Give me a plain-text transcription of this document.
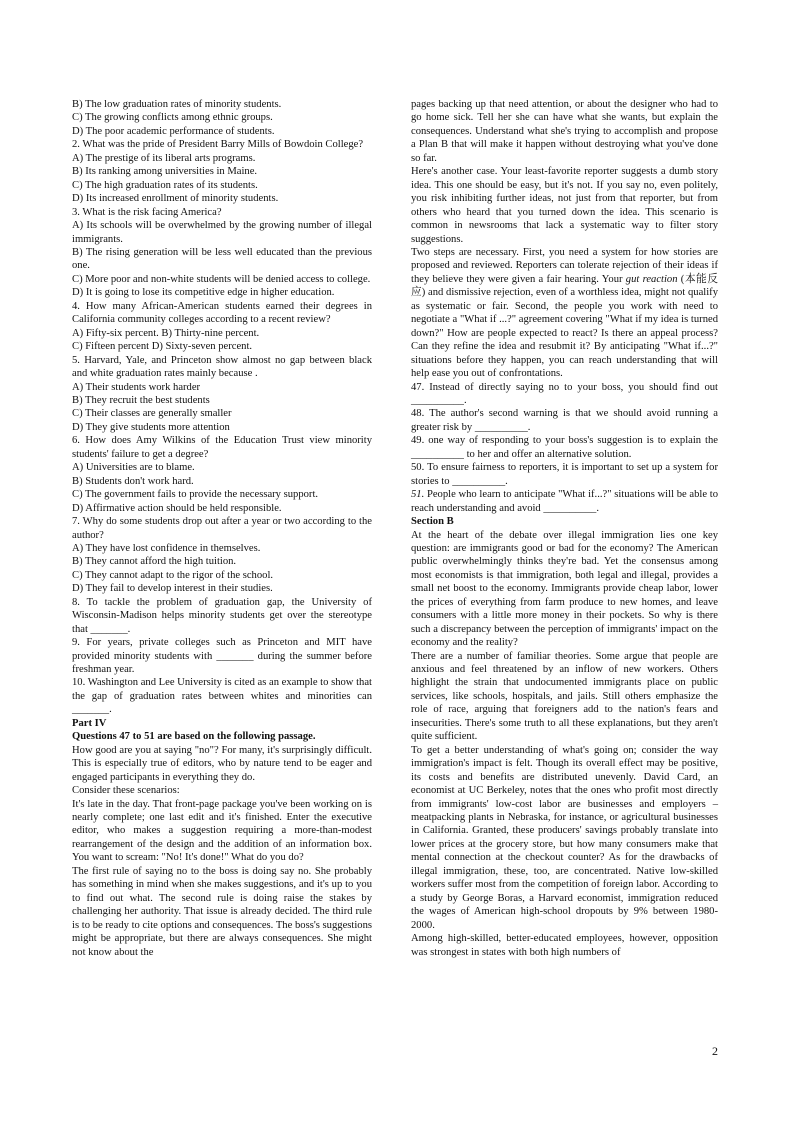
B) The low graduation rates of minority students.

C) The growing conflicts among ethnic groups.

D) The poor academic performance of students.

2. What was the pride of President Barry Mills of Bowdoin College?

A) The prestige of its liberal arts programs.

B) Its ranking among universities in Maine.

C) The high graduation rates of its students.

D) Its increased enrollment of minority students.

3. What is the risk facing America?

A) Its schools will be overwhelmed by the growing number of illegal immigrants.

B) The rising generation will be less well educated than the previous one.

C) More poor and non-white students will be denied access to college.

D) It is going to lose its competitive edge in higher education.

4. How many African-American students earned their degrees in California community colleges according to a recent review?

A) Fifty-six percent. B) Thirty-nine percent.

C) Fifteen percent D) Sixty-seven percent.

5. Harvard, Yale, and Princeton show almost no gap between black and white graduation rates mainly because .

A) Their students work harder

B) They recruit the best students

C) Their classes are generally smaller

D) They give students more attention

6. How does Amy Wilkins of the Education Trust view minority students' failure to get a degree?

A) Universities are to blame.

B) Students don't work hard.

C) The government fails to provide the necessary support.

D) Affirmative action should be held responsible.

7. Why do some students drop out after a year or two according to the author?

A) They have lost confidence in themselves.

B) They cannot afford the high tuition.

C) They cannot adapt to the rigor of the school.

D) They fail to develop interest in their studies.

8. To tackle the problem of graduation gap, the University of Wisconsin-Madison helps minority students get over the stereotype that _______.

9. For years, private colleges such as Princeton and MIT have provided minority students with _______ during the summer before freshman year.

10. Washington and Lee University is cited as an example to show that the gap of graduation rates between whites and minorities can _______.

Part IV

Questions 47 to 51 are based on the following passage.

How good are you at saying "no"? For many, it's surprisingly difficult. This is especially true of editors, who by nature tend to be eager and engaged participants in everything they do.

Consider these scenarios:

It's late in the day. That front-page package you've been working on is nearly complete; one last edit and it's finished. Enter the executive editor, who makes a suggestion requiring a more-than-modest rearrangement of the design and the addition of an information box. You want to scream: "No! It's done!" What do you do?

The first rule of saying no to the boss is doing say no. She probably has something in mind when she makes suggestions, and it's up to you to find out what. The second rule is doing raise the stakes by challenging her authority. That issue is already decided. The third rule is to be ready to cite options and consequences. The boss's suggestions might be appropriate, but there are always consequences. She might not know about the

pages backing up that need attention, or about the designer who had to go home sick. Tell her she can have what she wants, but explain the consequences. Understand what she's trying to accomplish and propose a Plan B that will make it happen without destroying what you've done so far.

Here's another case. Your least-favorite reporter suggests a dumb story idea. This one should be easy, but it's not. If you say no, even politely, you risk inhibiting further ideas, not just from that reporter, but from others who heard that you turned down the idea. This scenario is common in newsrooms that lack a systematic way to filter story suggestions.

Two steps are necessary. First, you need a system for how stories are proposed and reviewed. Reporters can tolerate rejection of their ideas if they believe they were given a fair hearing. Your gut reaction (本能反应) and dismissive rejection, even of a worthless idea, might not qualify as systematic or fair. Second, the people you work with need to negotiate a "What if ...?" agreement covering "What if my idea is turned down?" How are people expected to react? Is there an appeal process? Can they refine the idea and resubmit it? By anticipating "What if...?" situations before they happen, you can reach understanding that will help ease you out of confrontations.

47. Instead of directly saying no to your boss, you should find out __________.

48. The author's second warning is that we should avoid running a greater risk by __________.

49. one way of responding to your boss's suggestion is to explain the __________ to her and offer an alternative solution.

50. To ensure fairness to reporters, it is important to set up a system for stories to __________.

51. People who learn to anticipate "What if...?" situations will be able to reach understanding and avoid __________.

Section B

At the heart of the debate over illegal immigration lies one key question: are immigrants good or bad for the economy? The American public overwhelmingly thinks they're bad. Yet the consensus among most economists is that immigration, both legal and illegal, provides a small net boost to the economy. Immigrants provide cheap labor, lower the prices of everything from farm produce to new homes, and leave consumers with a little more money in their pockets. So why is there such a discrepancy between the perception of immigrants' impact on the economy and the reality?

There are a number of familiar theories. Some argue that people are anxious and feel threatened by an inflow of new workers. Others highlight the strain that undocumented immigrants place on public services, like schools, hospitals, and jails. Still others emphasize the role of race, arguing that foreigners add to the nation's fears and insecurities. There's some truth to all these explanations, but they aren't quite sufficient.

To get a better understanding of what's going on; consider the way immigration's impact is felt. Though its overall effect may be positive, its costs and benefits are distributed unevenly. David Card, an economist at UC Berkeley, notes that the ones who profit most directly from immigrants' low-cost labor are businesses and employers – meatpacking plants in Nebraska, for instance, or agricultural businesses in California. Granted, these producers' savings probably translate into lower prices at the grocery store, but how many consumers make that mental connection at the checkout counter? As for the drawbacks of illegal immigration, these, too, are concentrated. Native low-skilled workers suffer most from the competition of foreign labor. According to a study by George Boras, a Harvard economist, immigration reduced the wages of American high-school dropouts by 9% between 1980-2000.

Among high-skilled, better-educated employees, however, opposition was strongest in states with both high numbers of

2
